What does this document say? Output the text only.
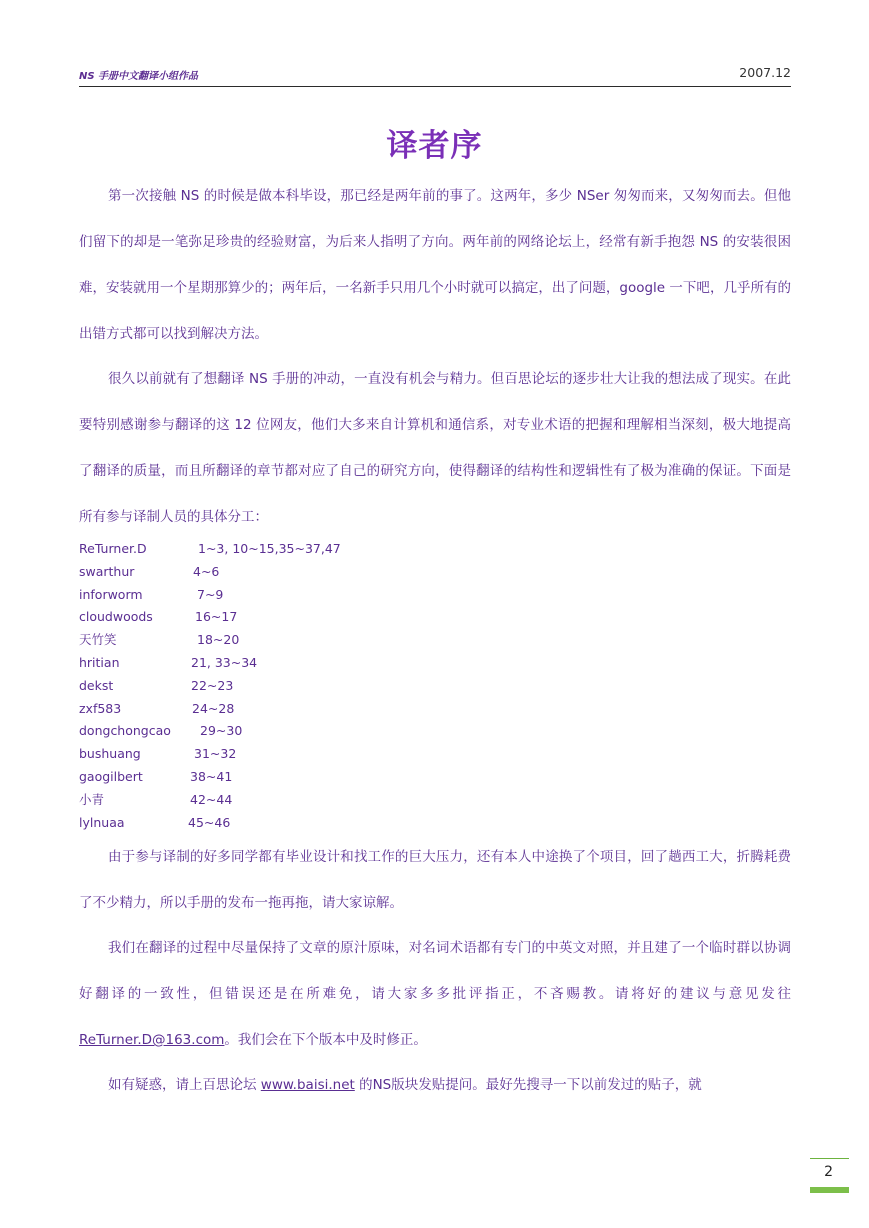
NS 手册中文翻译小组作品	2007.12
译者序

第一次接触 NS 的时候是做本科毕设，那已经是两年前的事了。这两年，多少 NSer 匆匆而来，又匆匆而去。但他们留下的却是一笔弥足珍贵的经验财富，为后来人指明了方向。两年前的网络论坛上，经常有新手抱怨 NS 的安装很困难，安装就用一个星期那算少的；两年后，一名新手只用几个小时就可以搞定，出了问题，google 一下吧，几乎所有的出错方式都可以找到解决方法。

很久以前就有了想翻译 NS 手册的冲动，一直没有机会与精力。但百思论坛的逐步壮大让我的想法成了现实。在此要特别感谢参与翻译的这 12 位网友，他们大多来自计算机和通信系，对专业术语的把握和理解相当深刻，极大地提高了翻译的质量，而且所翻译的章节都对应了自己的研究方向，使得翻译的结构性和逻辑性有了极为准确的保证。下面是所有参与译制人员的具体分工：

ReTurner.D	1~3, 10~15,35~37,47
swarthur	4~6
inforworm	7~9
cloudwoods	16~17
天竹笑	18~20
hritian	21, 33~34
dekst	22~23
zxf583	24~28
dongchongcao 29~30
bushuang	31~32
gaogilbert	38~41
小青	42~44
lylnuaa	45~46

由于参与译制的好多同学都有毕业设计和找工作的巨大压力，还有本人中途换了个项目，回了趟西工大，折腾耗费了不少精力，所以手册的发布一拖再拖，请大家谅解。

我们在翻译的过程中尽量保持了文章的原汁原味，对名词术语都有专门的中英文对照，并且建了一个临时群以协调好翻译的一致性，但错误还是在所难免，请大家多多批评指正，不吝赐教。请将好的建议与意见发往 ReTurner.D@163.com。我们会在下个版本中及时修正。

如有疑惑，请上百思论坛 www.baisi.net 的NS版块发贴提问。最好先搜寻一下以前发过的贴子，就

2
